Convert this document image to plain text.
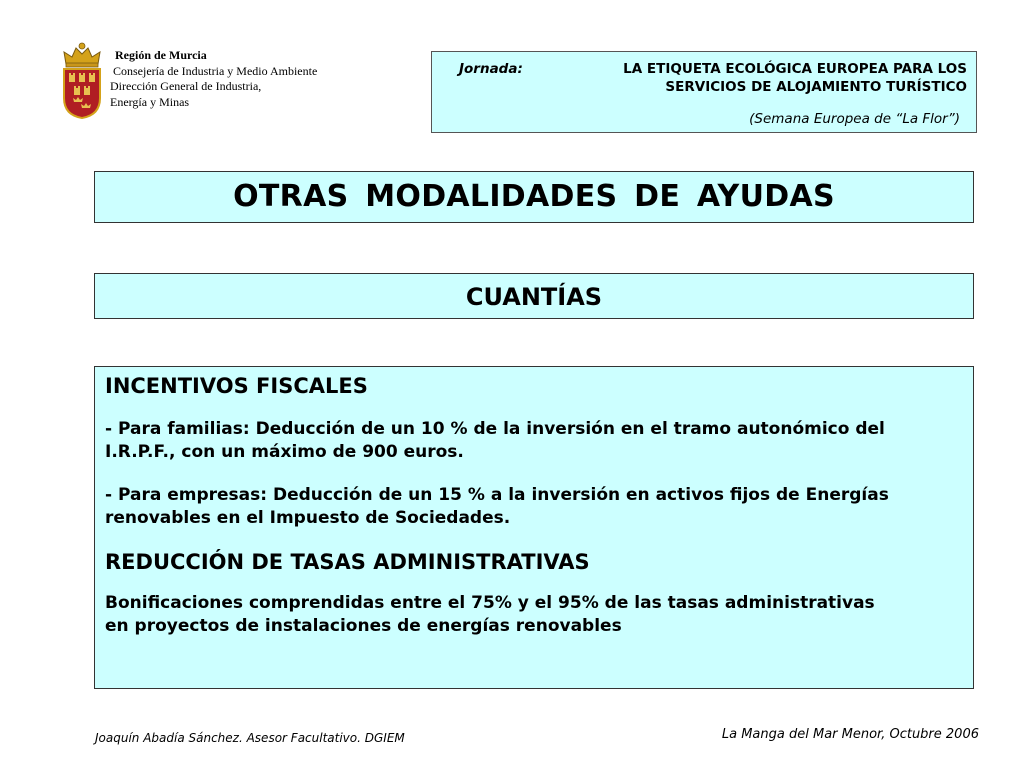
Región de Murcia
Consejería de Industria y Medio Ambiente
Dirección General de Industria,
Energía y Minas
Jornada:	LA ETIQUETA ECOLÓGICA EUROPEA PARA LOS
SERVICIOS DE ALOJAMIENTO TURÍSTICO
(Semana Europea de “La Flor”)
OTRAS MODALIDADES DE AYUDAS
CUANTÍAS
INCENTIVOS FISCALES
- Para familias: Deducción de un 10 % de la inversión en el tramo autonómico del
I.R.P.F., con un máximo de 900 euros.
- Para empresas: Deducción de un 15 % a la inversión en activos fijos de Energías
renovables en el Impuesto de Sociedades.
REDUCCIÓN DE TASAS ADMINISTRATIVAS
Bonificaciones comprendidas entre el 75% y el 95% de las tasas administrativas
en proyectos de instalaciones de energías renovables
Joaquín Abadía Sánchez. Asesor Facultativo. DGIEM	La Manga del Mar Menor, Octubre 2006
